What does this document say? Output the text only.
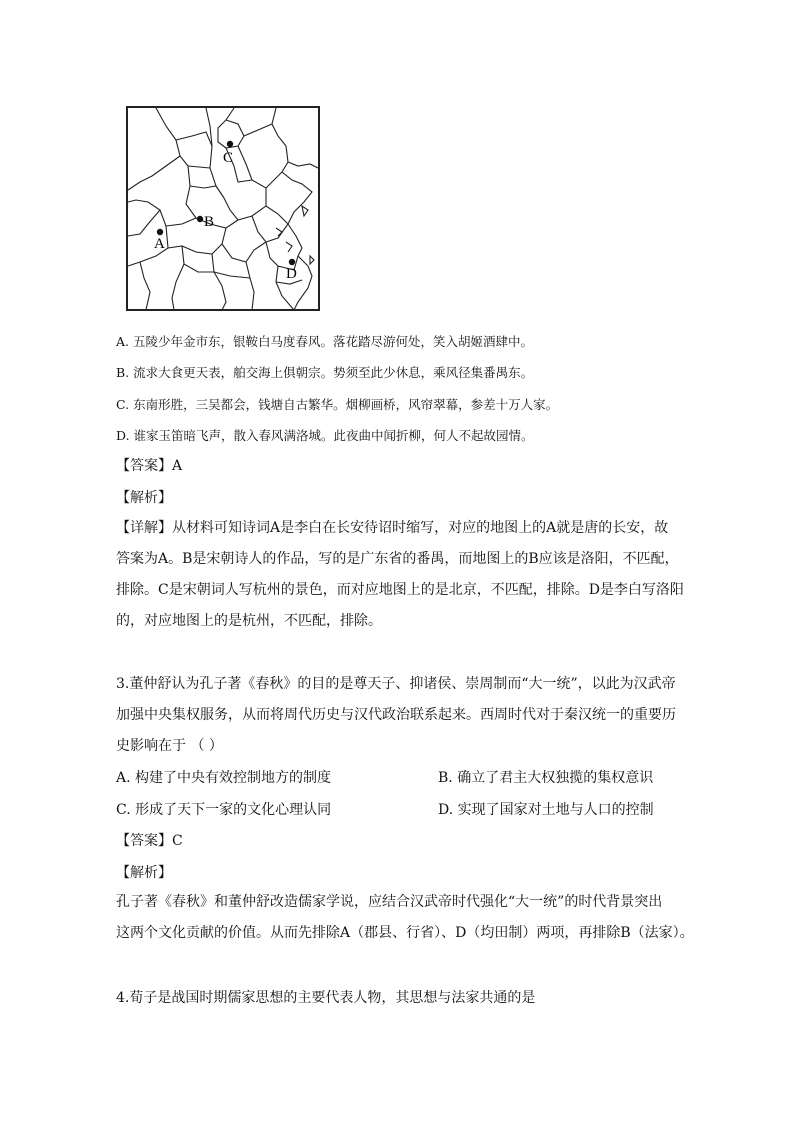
C
B
A
D
A. 五陵少年金市东，银鞍白马度春风。落花踏尽游何处，笑入胡姬酒肆中。
B. 流求大食更天表，舶交海上俱朝宗。势须至此少休息，乘风径集番禺东。
C. 东南形胜，三吴都会，钱塘自古繁华。烟柳画桥，风帘翠幕，参差十万人家。
D. 谁家玉笛暗飞声，散入春风满洛城。此夜曲中闻折柳，何人不起故园情。
【答案】A
【解析】
【详解】从材料可知诗词A是李白在长安待诏时缩写，对应的地图上的A就是唐的长安，故
答案为A。B是宋朝诗人的作品，写的是广东省的番禺，而地图上的B应该是洛阳，不匹配，
排除。C是宋朝词人写杭州的景色，而对应地图上的是北京，不匹配，排除。D是李白写洛阳
的，对应地图上的是杭州，不匹配，排除。
3.董仲舒认为孔子著《春秋》的目的是尊天子、抑诸侯、崇周制而“大一统”，以此为汉武帝
加强中央集权服务，从而将周代历史与汉代政治联系起来。西周时代对于秦汉统一的重要历
史影响在于 （ ）
A. 构建了中央有效控制地方的制度	B. 确立了君主大权独揽的集权意识
C. 形成了天下一家的文化心理认同	D. 实现了国家对土地与人口的控制
【答案】C
【解析】
孔子著《春秋》和董仲舒改造儒家学说，应结合汉武帝时代强化“大一统”的时代背景突出
这两个文化贡献的价值。从而先排除A（郡县、行省）、D（均田制）两项，再排除B（法家）。
4.荀子是战国时期儒家思想的主要代表人物，其思想与法家共通的是
